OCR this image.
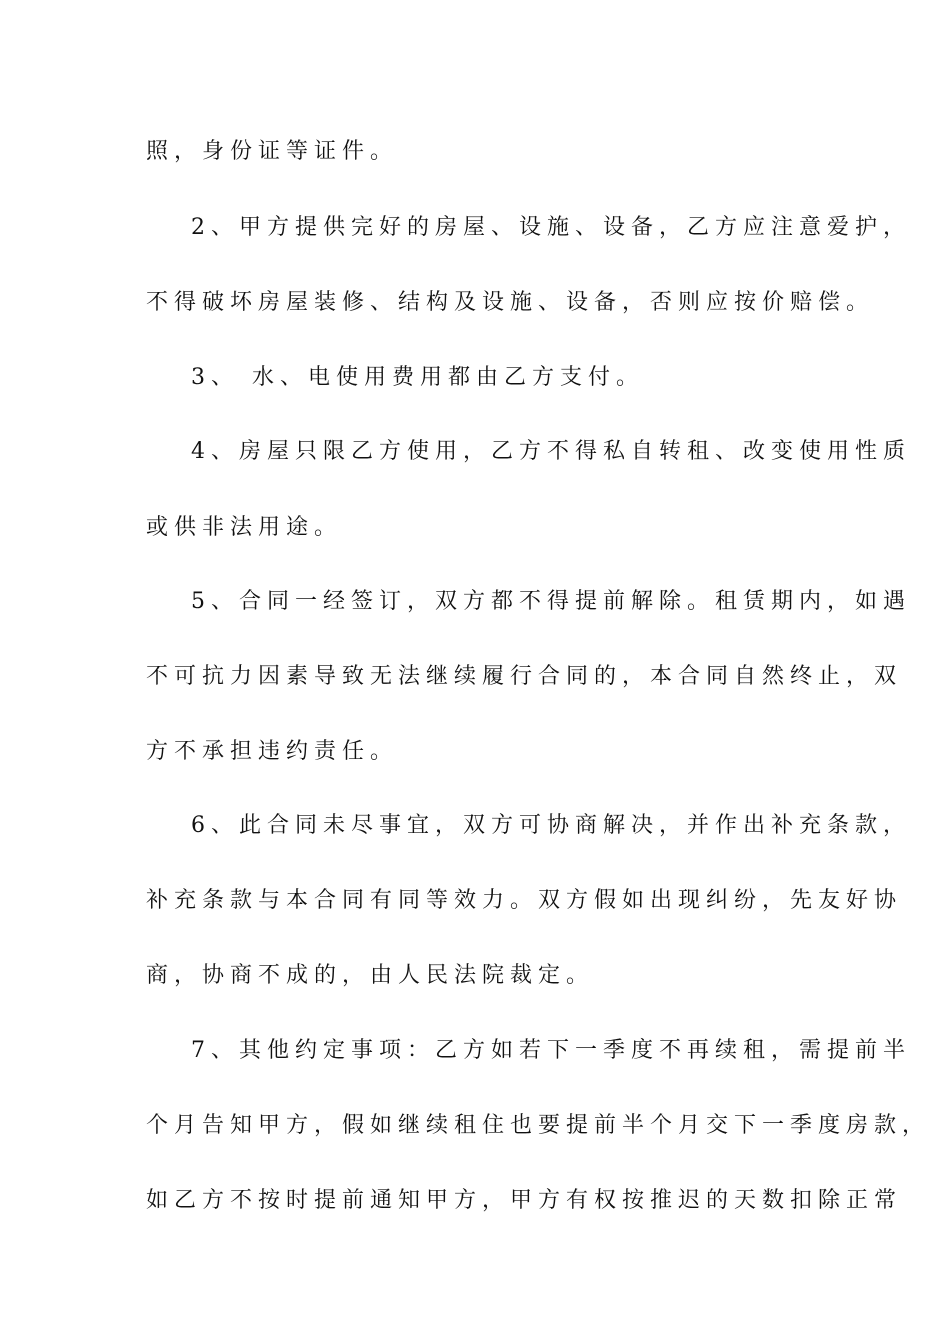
照，身份证等证件。
2、甲方提供完好的房屋、设施、设备，乙方应注意爱护，
不得破坏房屋装修、结构及设施、设备，否则应按价赔偿。
3、 水、电使用费用都由乙方支付。
4、房屋只限乙方使用，乙方不得私自转租、改变使用性质
或供非法用途。
5、合同一经签订，双方都不得提前解除。租赁期内，如遇
不可抗力因素导致无法继续履行合同的，本合同自然终止，双
方不承担违约责任。
6、此合同未尽事宜，双方可协商解决，并作出补充条款，
补充条款与本合同有同等效力。双方假如出现纠纷，先友好协
商，协商不成的，由人民法院裁定。
7、其他约定事项：乙方如若下一季度不再续租，需提前半
个月告知甲方，假如继续租住也要提前半个月交下一季度房款，
如乙方不按时提前通知甲方，甲方有权按推迟的天数扣除正常
